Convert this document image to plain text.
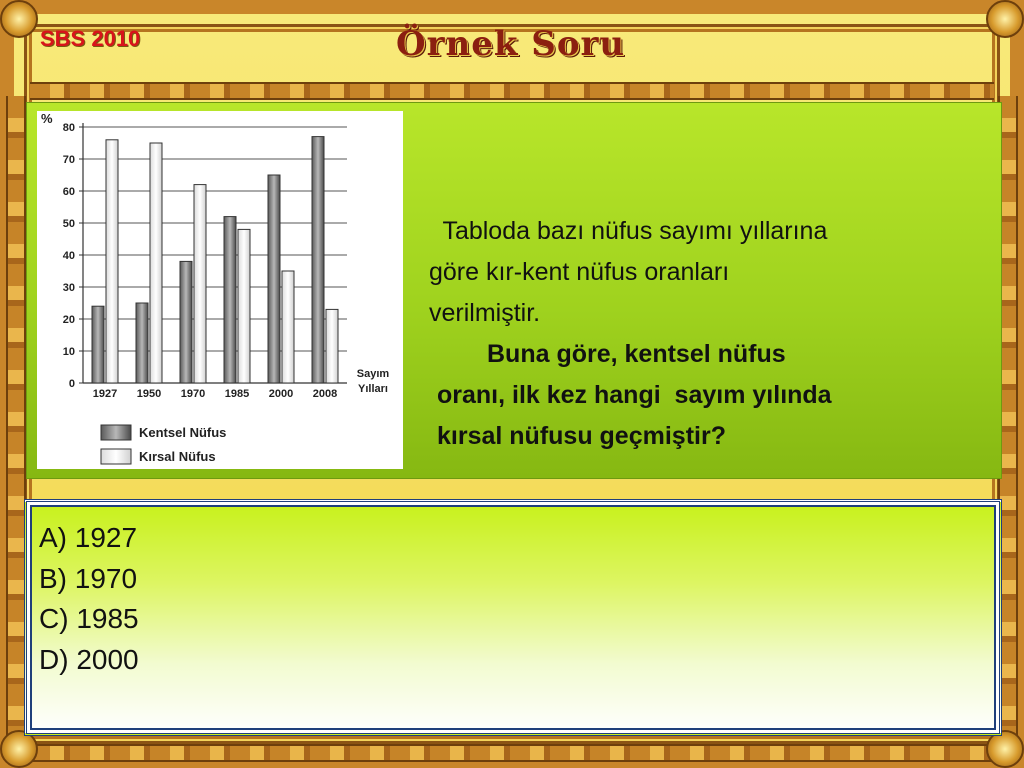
SBS 2010	Örnek Soru
0
10
20
30
40
50
60
70
80
%
1927 1950 1970 1985 2000 2008
Sayım
Yılları
Kentsel Nüfus
Kırsal Nüfus
Tabloda bazı nüfus sayımı yıllarına
göre kır-kent nüfus oranları
verilmiştir.
Buna göre, kentsel nüfus
oranı, ilk kez hangi  sayım yılında
kırsal nüfusu geçmiştir?
A) 1927
B) 1970
C) 1985
D) 2000
